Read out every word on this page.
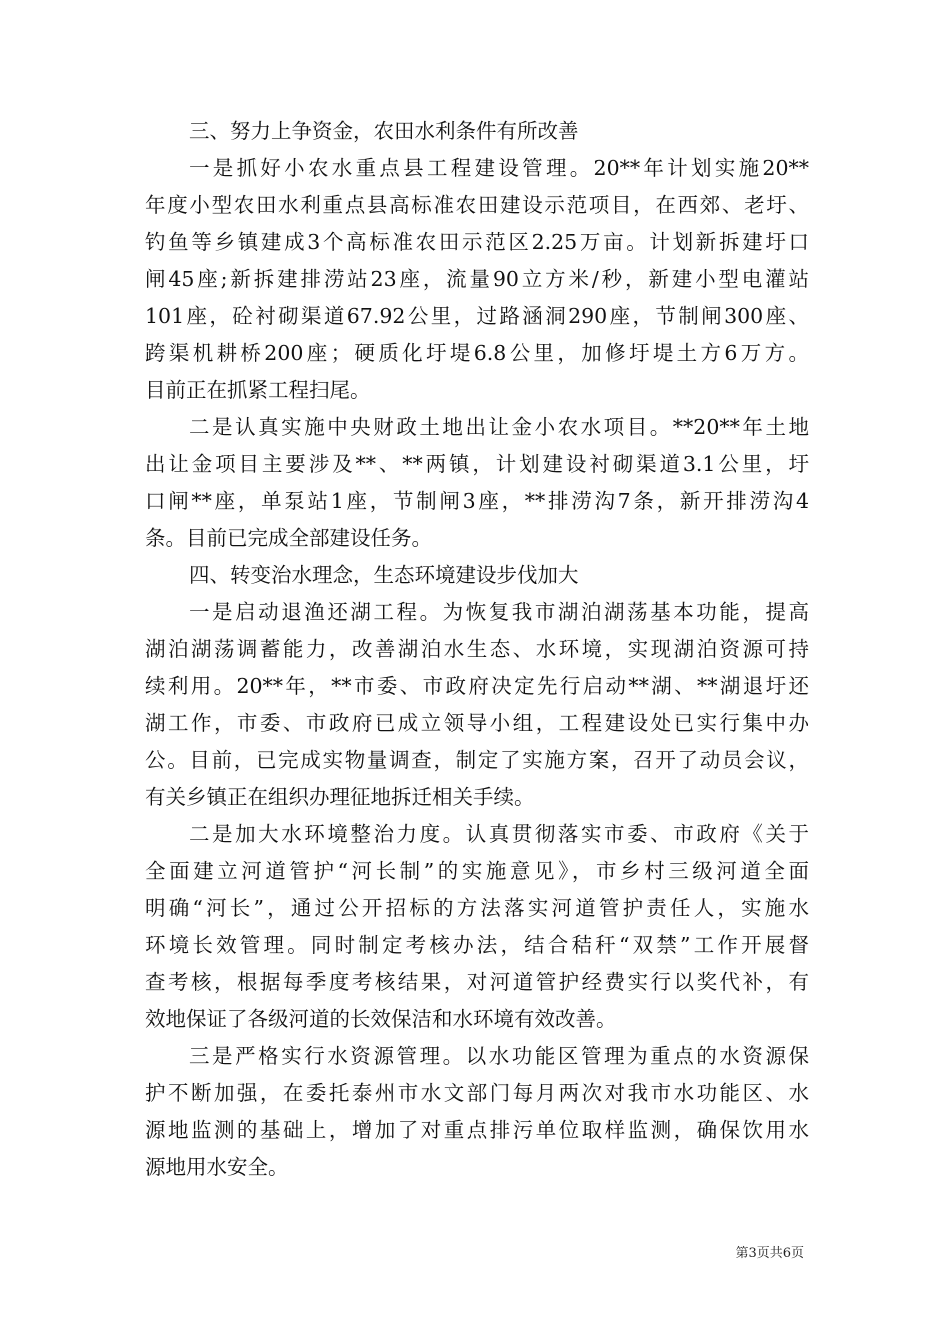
三、努力上争资金，农田水利条件有所改善
一是抓好小农水重点县工程建设管理。20**年计划实施20**
年度小型农田水利重点县高标准农田建设示范项目，在西郊、老圩、
钓鱼等乡镇建成3个高标准农田示范区2.25万亩。计划新拆建圩口
闸45座;新拆建排涝站23座，流量90立方米/秒，新建小型电灌站
101座，砼衬砌渠道67.92公里，过路涵洞290座，节制闸300座、
跨渠机耕桥200座；硬质化圩堤6.8公里，加修圩堤土方6万方。
目前正在抓紧工程扫尾。
二是认真实施中央财政土地出让金小农水项目。**20**年土地
出让金项目主要涉及**、**两镇，计划建设衬砌渠道3.1公里，圩
口闸**座，单泵站1座，节制闸3座，**排涝沟7条，新开排涝沟4
条。目前已完成全部建设任务。
四、转变治水理念，生态环境建设步伐加大
一是启动退渔还湖工程。为恢复我市湖泊湖荡基本功能，提高
湖泊湖荡调蓄能力，改善湖泊水生态、水环境，实现湖泊资源可持
续利用。20**年，**市委、市政府决定先行启动**湖、**湖退圩还
湖工作，市委、市政府已成立领导小组，工程建设处已实行集中办
公。目前，已完成实物量调查，制定了实施方案，召开了动员会议，
有关乡镇正在组织办理征地拆迁相关手续。
二是加大水环境整治力度。认真贯彻落实市委、市政府《关于
全面建立河道管护“河长制”的实施意见》，市乡村三级河道全面
明确“河长”，通过公开招标的方法落实河道管护责任人，实施水
环境长效管理。同时制定考核办法，结合秸秆“双禁”工作开展督
查考核，根据每季度考核结果，对河道管护经费实行以奖代补，有
效地保证了各级河道的长效保洁和水环境有效改善。
三是严格实行水资源管理。以水功能区管理为重点的水资源保
护不断加强，在委托泰州市水文部门每月两次对我市水功能区、水
源地监测的基础上，增加了对重点排污单位取样监测，确保饮用水
源地用水安全。
第3页共6页
